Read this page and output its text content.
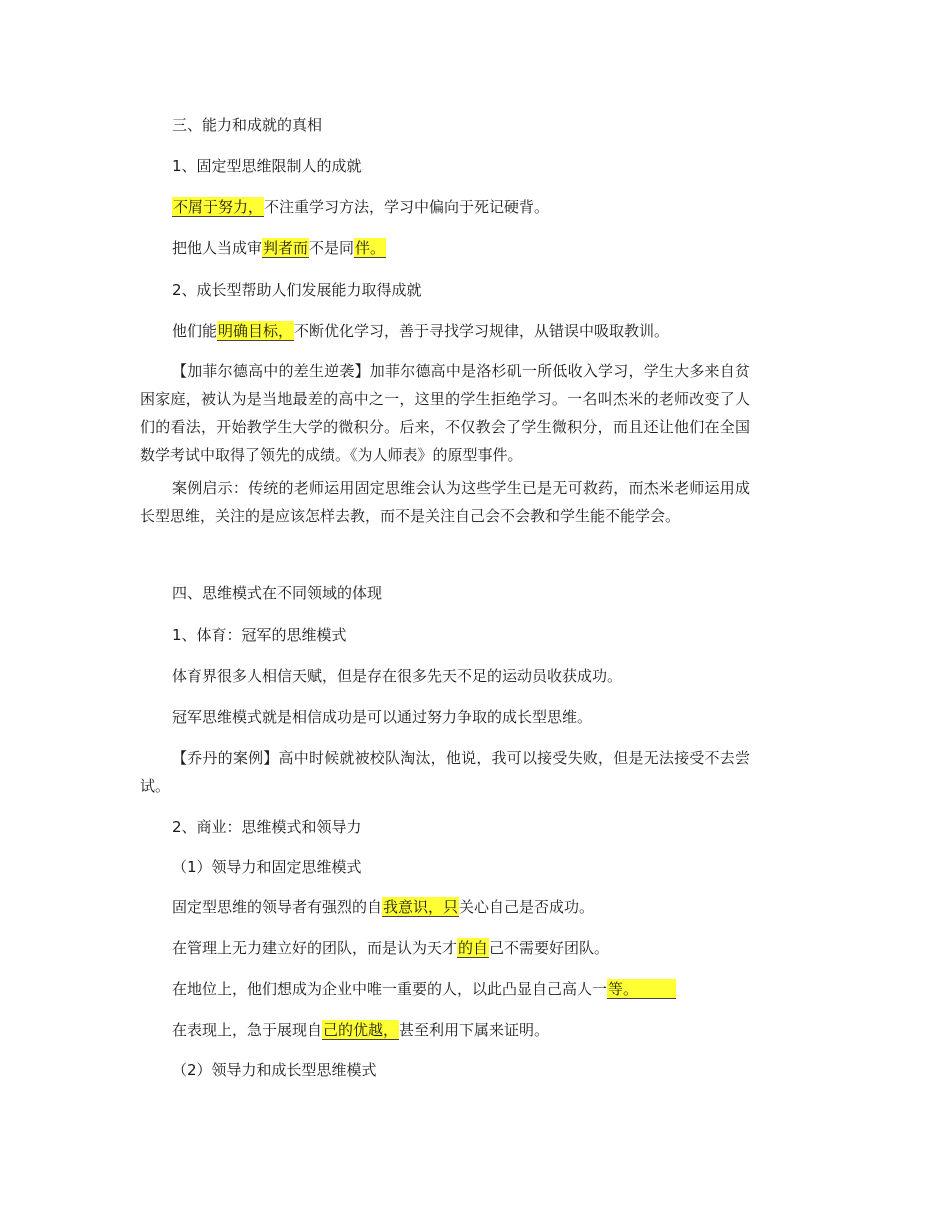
三、能力和成就的真相
1、固定型思维限制人的成就
不屑于努力，不注重学习方法，学习中偏向于死记硬背。
把他人当成审判者而不是同伴。
2、成长型帮助人们发展能力取得成就
他们能明确目标，不断优化学习，善于寻找学习规律，从错误中吸取教训。
【加菲尔德高中的差生逆袭】加菲尔德高中是洛杉矶一所低收入学习，学生大多来自贫困家庭，被认为是当地最差的高中之一，这里的学生拒绝学习。一名叫杰米的老师改变了人们的看法，开始教学生大学的微积分。后来，不仅教会了学生微积分，而且还让他们在全国数学考试中取得了领先的成绩。《为人师表》的原型事件。
案例启示：传统的老师运用固定思维会认为这些学生已是无可救药，而杰米老师运用成长型思维，关注的是应该怎样去教，而不是关注自己会不会教和学生能不能学会。
四、思维模式在不同领域的体现
1、体育：冠军的思维模式
体育界很多人相信天赋，但是存在很多先天不足的运动员收获成功。
冠军思维模式就是相信成功是可以通过努力争取的成长型思维。
【乔丹的案例】高中时候就被校队淘汰，他说，我可以接受失败，但是无法接受不去尝试。
2、商业：思维模式和领导力
（1）领导力和固定思维模式
固定型思维的领导者有强烈的自我意识，只关心自己是否成功。
在管理上无力建立好的团队，而是认为天才的自己不需要好团队。
在地位上，他们想成为企业中唯一重要的人，以此凸显自己高人一等。
在表现上，急于展现自己的优越，甚至利用下属来证明。
（2）领导力和成长型思维模式
